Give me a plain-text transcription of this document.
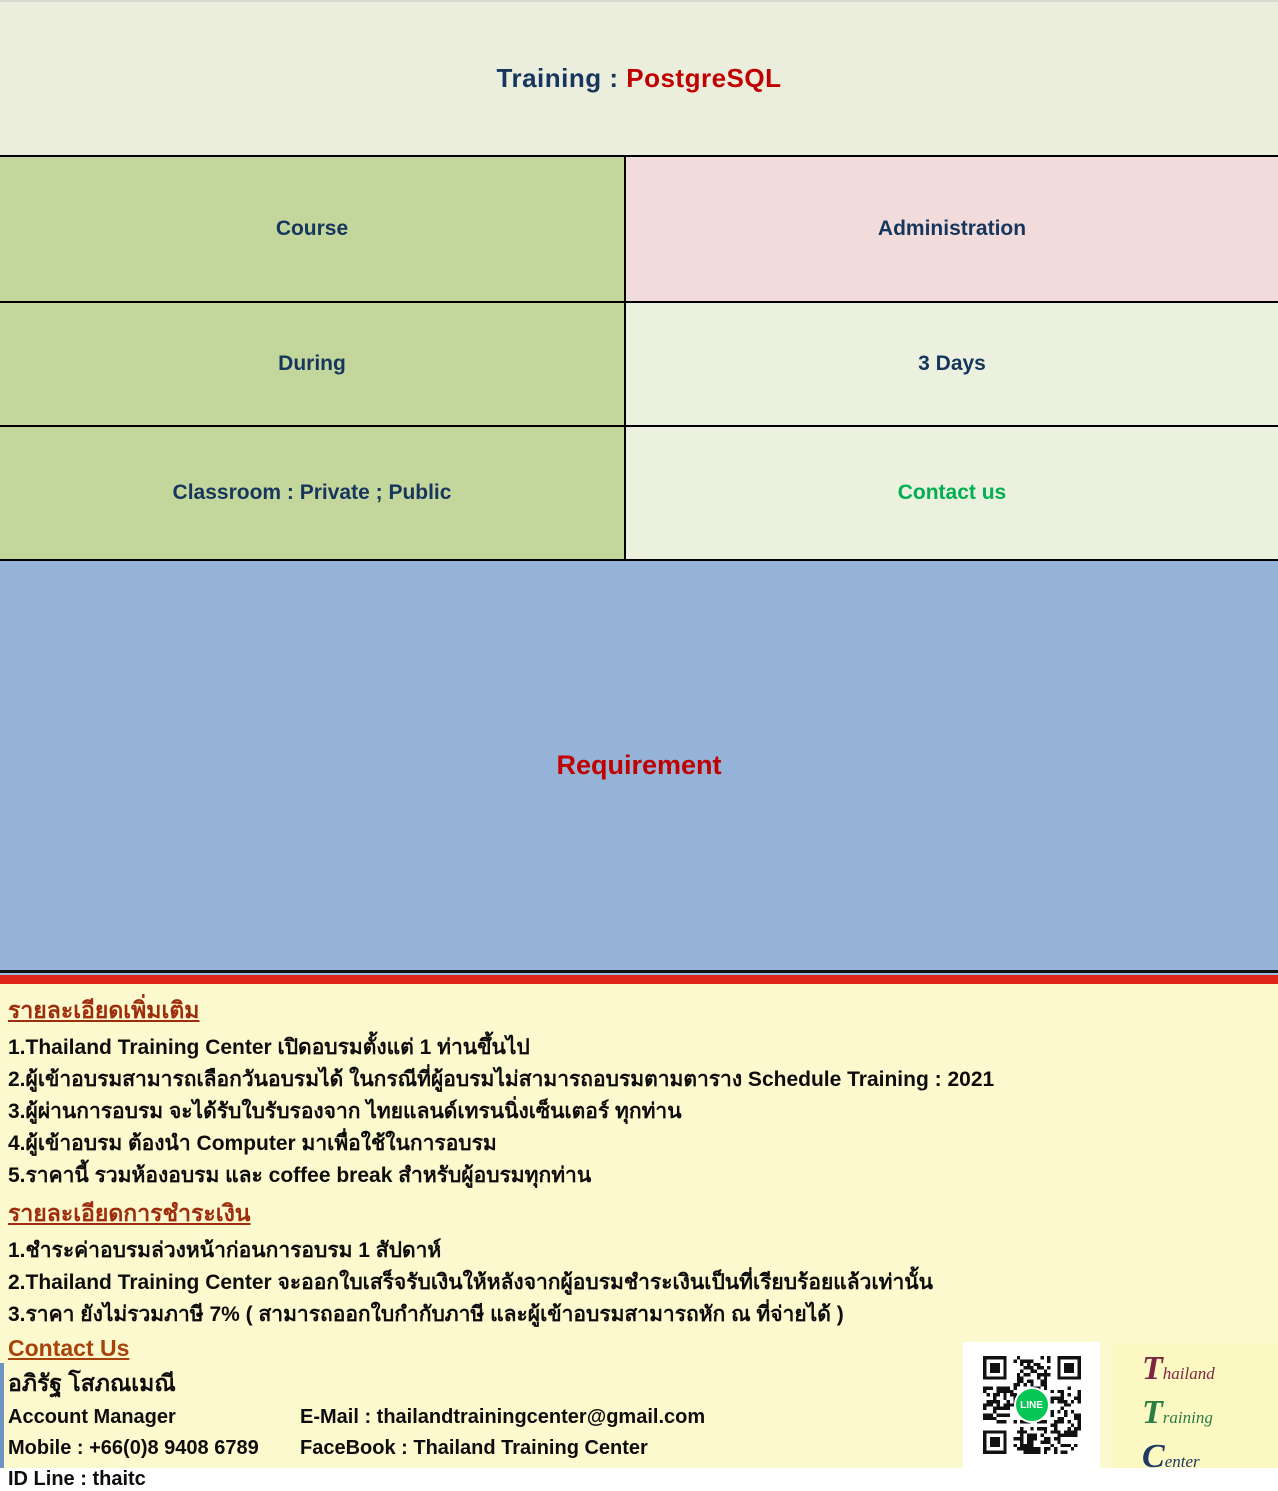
Training : PostgreSQL
Course	Administration
During	3 Days
Classroom : Private ; Public	Contact us
Requirement
รายละเอียดเพิ่มเติม
1.Thailand Training Center เปิดอบรมตั้งแต่ 1 ท่านขึ้นไป
2.ผู้เข้าอบรมสามารถเลือกวันอบรมได้ ในกรณีที่ผู้อบรมไม่สามารถอบรมตามตาราง Schedule Training : 2021
3.ผู้ผ่านการอบรม จะได้รับใบรับรองจาก ไทยแลนด์เทรนนิ่งเซ็นเตอร์ ทุกท่าน
4.ผู้เข้าอบรม ต้องนำ Computer มาเพื่อใช้ในการอบรม
5.ราคานี้ รวมห้องอบรม และ coffee break สำหรับผู้อบรมทุกท่าน
รายละเอียดการชำระเงิน
1.ชำระค่าอบรมล่วงหน้าก่อนการอบรม 1 สัปดาห์
2.Thailand Training Center จะออกใบเสร็จรับเงินให้หลังจากผู้อบรมชำระเงินเป็นที่เรียบร้อยแล้วเท่านั้น
3.ราคา ยังไม่รวมภาษี 7% ( สามารถออกใบกำกับภาษี และผู้เข้าอบรมสามารถหัก ณ ที่จ่ายได้ )
Contact Us
อภิรัฐ โสภณเมณี
Account Manager	E-Mail : thailandtrainingcenter@gmail.com
Mobile : +66(0)8 9408 6789	FaceBook : Thailand Training Center
ID Line : thaitc
LINE
Thailand
Training
Center
